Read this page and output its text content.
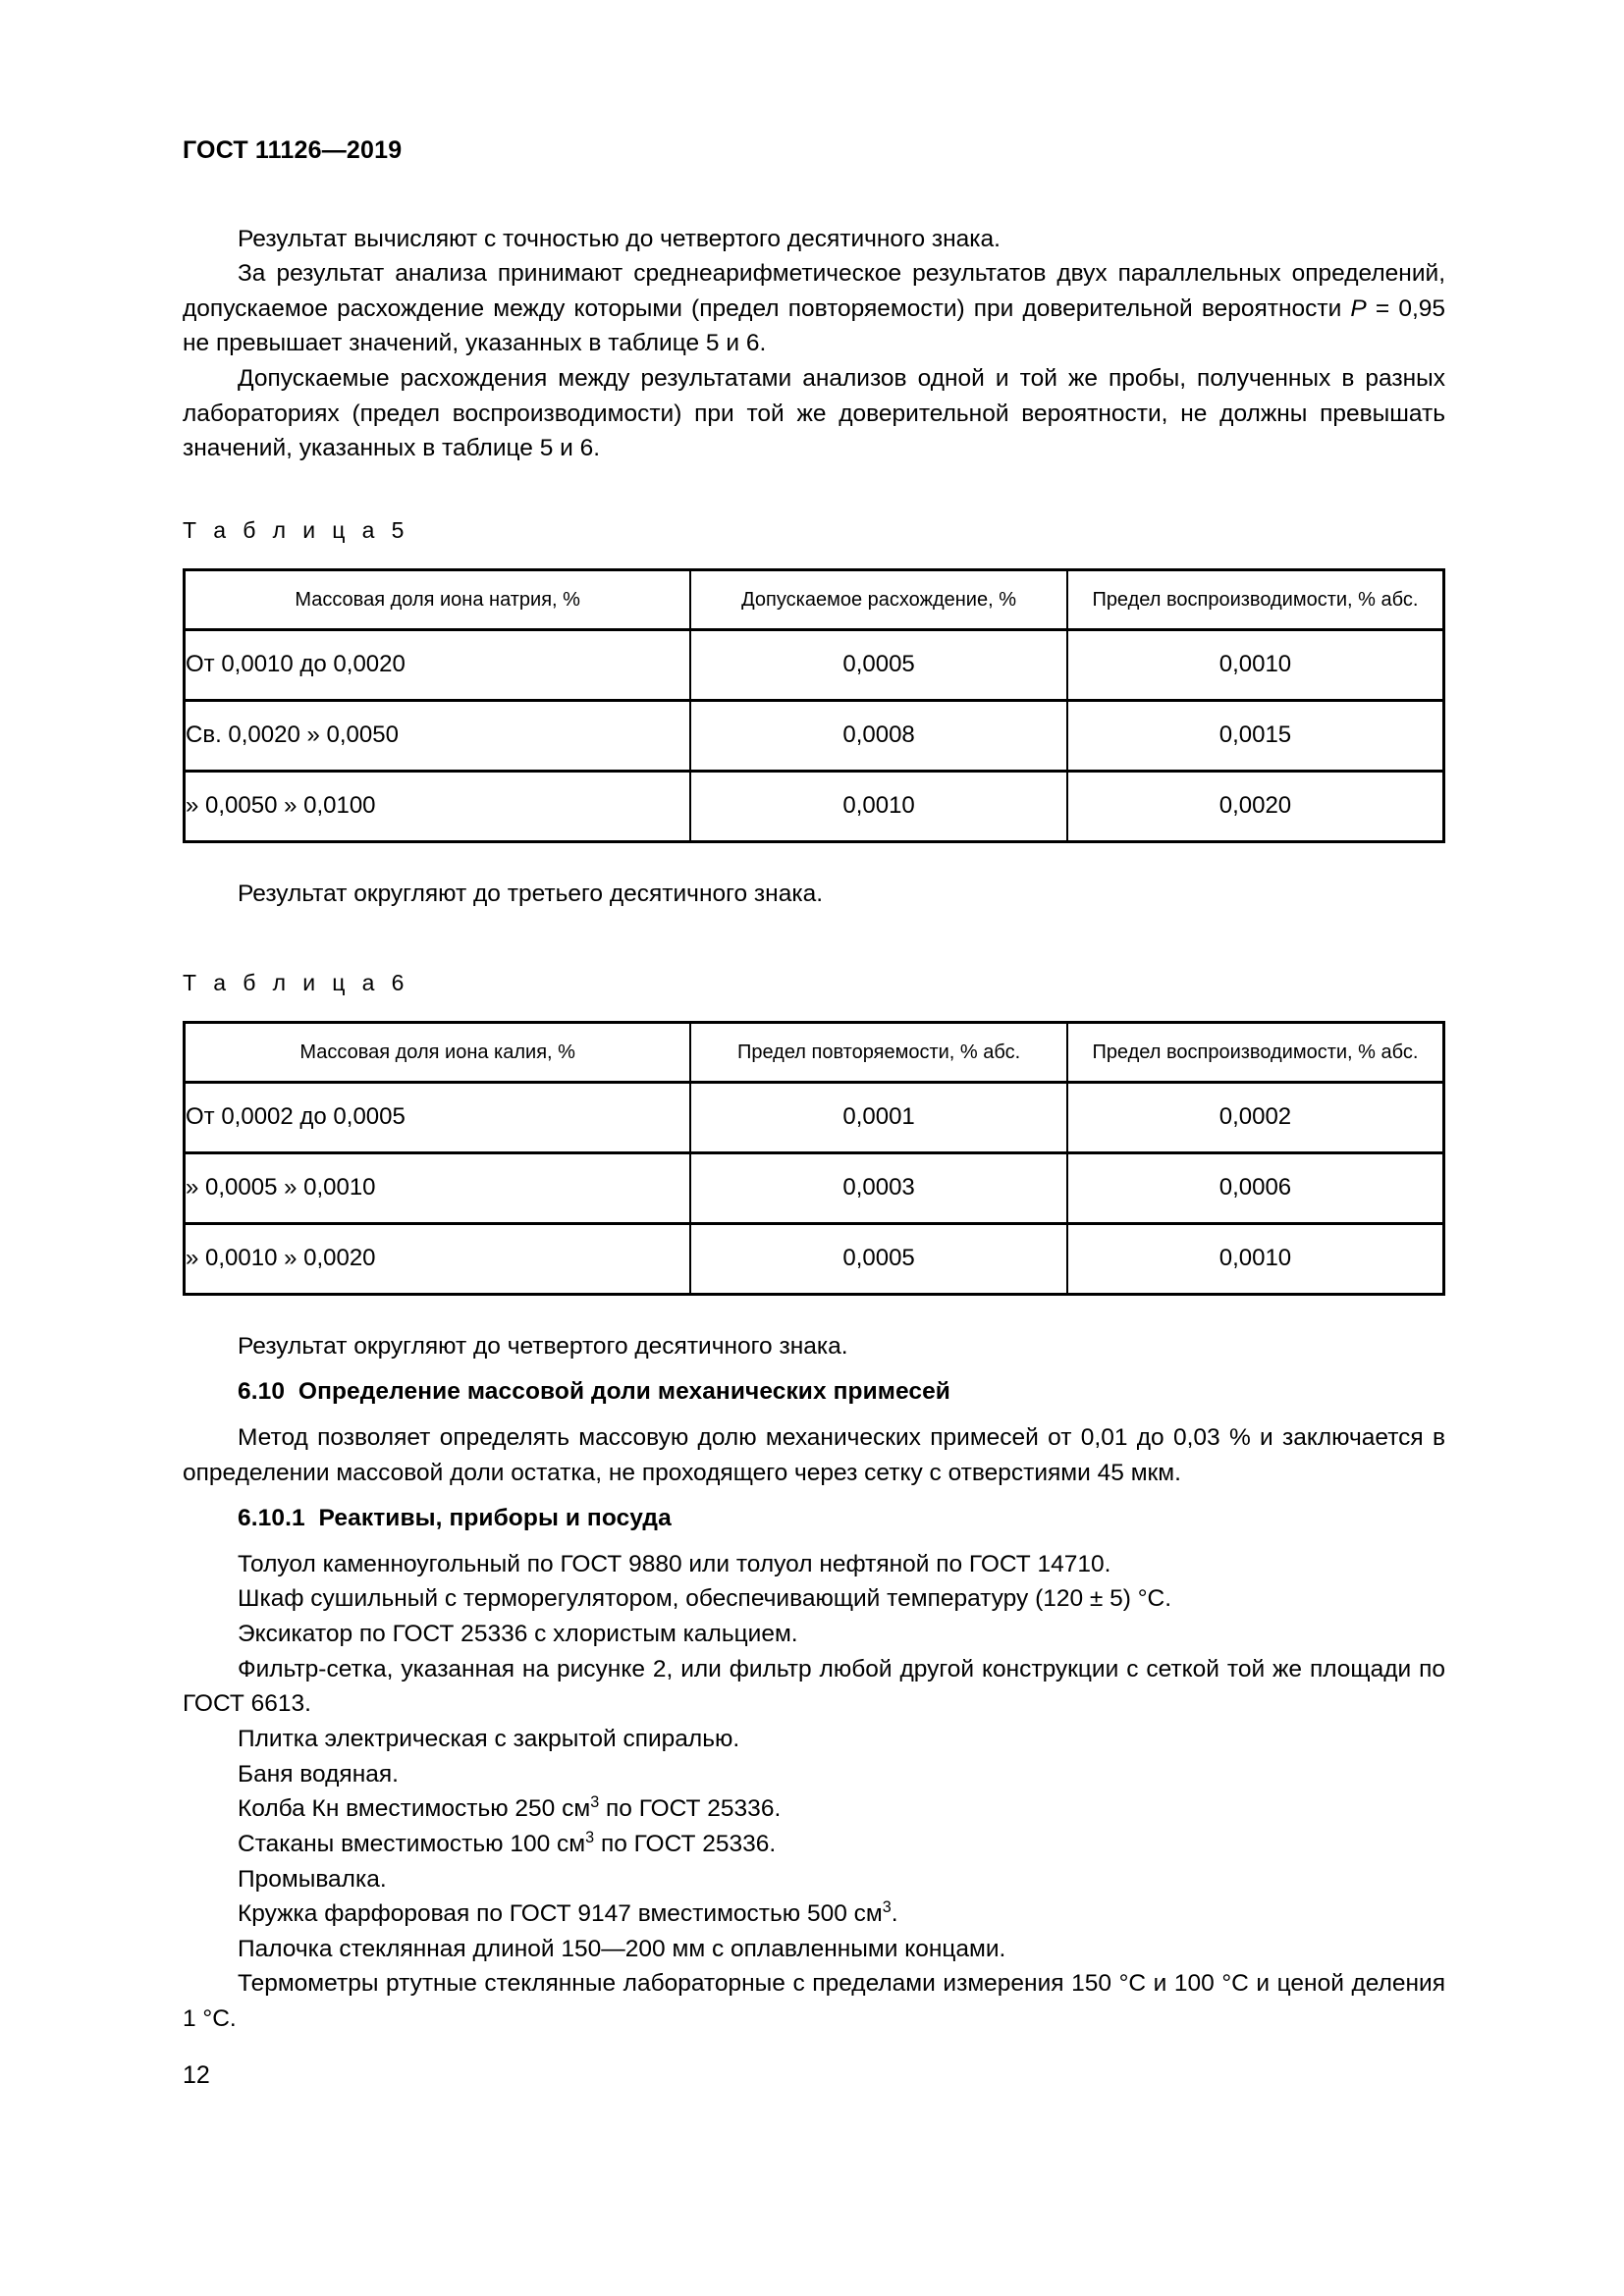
ГОСТ 11126—2019

Результат вычисляют с точностью до четвертого десятичного знака.

За результат анализа принимают среднеарифметическое результатов двух параллельных определений, допускаемое расхождение между которыми (предел повторяемости) при доверительной вероятности P = 0,95 не превышает значений, указанных в таблице 5 и 6.

Допускаемые расхождения между результатами анализов одной и той же пробы, полученных в разных лабораториях (предел воспроизводимости) при той же доверительной вероятности, не должны превышать значений, указанных в таблице 5 и 6.

Т а б л и ц а 5
Массовая доля иона натрия, %	Допускаемое расхождение, %	Предел воспроизводимости, % абс.
От 0,0010 до 0,0020	0,0005	0,0010
Св. 0,0020 » 0,0050	0,0008	0,0015
» 0,0050 » 0,0100	0,0010	0,0020

Результат округляют до третьего десятичного знака.

Т а б л и ц а 6
Массовая доля иона калия, %	Предел повторяемости, % абс.	Предел воспроизводимости, % абс.
От 0,0002 до 0,0005	0,0001	0,0002
» 0,0005 » 0,0010	0,0003	0,0006
» 0,0010 » 0,0020	0,0005	0,0010

Результат округляют до четвертого десятичного знака.

6.10 Определение массовой доли механических примесей

Метод позволяет определять массовую долю механических примесей от 0,01 до 0,03 % и заключается в определении массовой доли остатка, не проходящего через сетку с отверстиями 45 мкм.

6.10.1 Реактивы, приборы и посуда

Толуол каменноугольный по ГОСТ 9880 или толуол нефтяной по ГОСТ 14710.

Шкаф сушильный с терморегулятором, обеспечивающий температуру (120 ± 5) °С.

Эксикатор по ГОСТ 25336 с хлористым кальцием.

Фильтр-сетка, указанная на рисунке 2, или фильтр любой другой конструкции с сеткой той же площади по ГОСТ 6613.

Плитка электрическая с закрытой спиралью.

Баня водяная.

Колба Кн вместимостью 250 $см^3$ по ГОСТ 25336.

Стаканы вместимостью 100 $см^3$ по ГОСТ 25336.

Промывалка.

Кружка фарфоровая по ГОСТ 9147 вместимостью 500 $см^3$.

Палочка стеклянная длиной 150—200 мм с оплавленными концами.

Термометры ртутные стеклянные лабораторные с пределами измерения 150 °С и 100 °С и ценой деления 1 °С.

12
